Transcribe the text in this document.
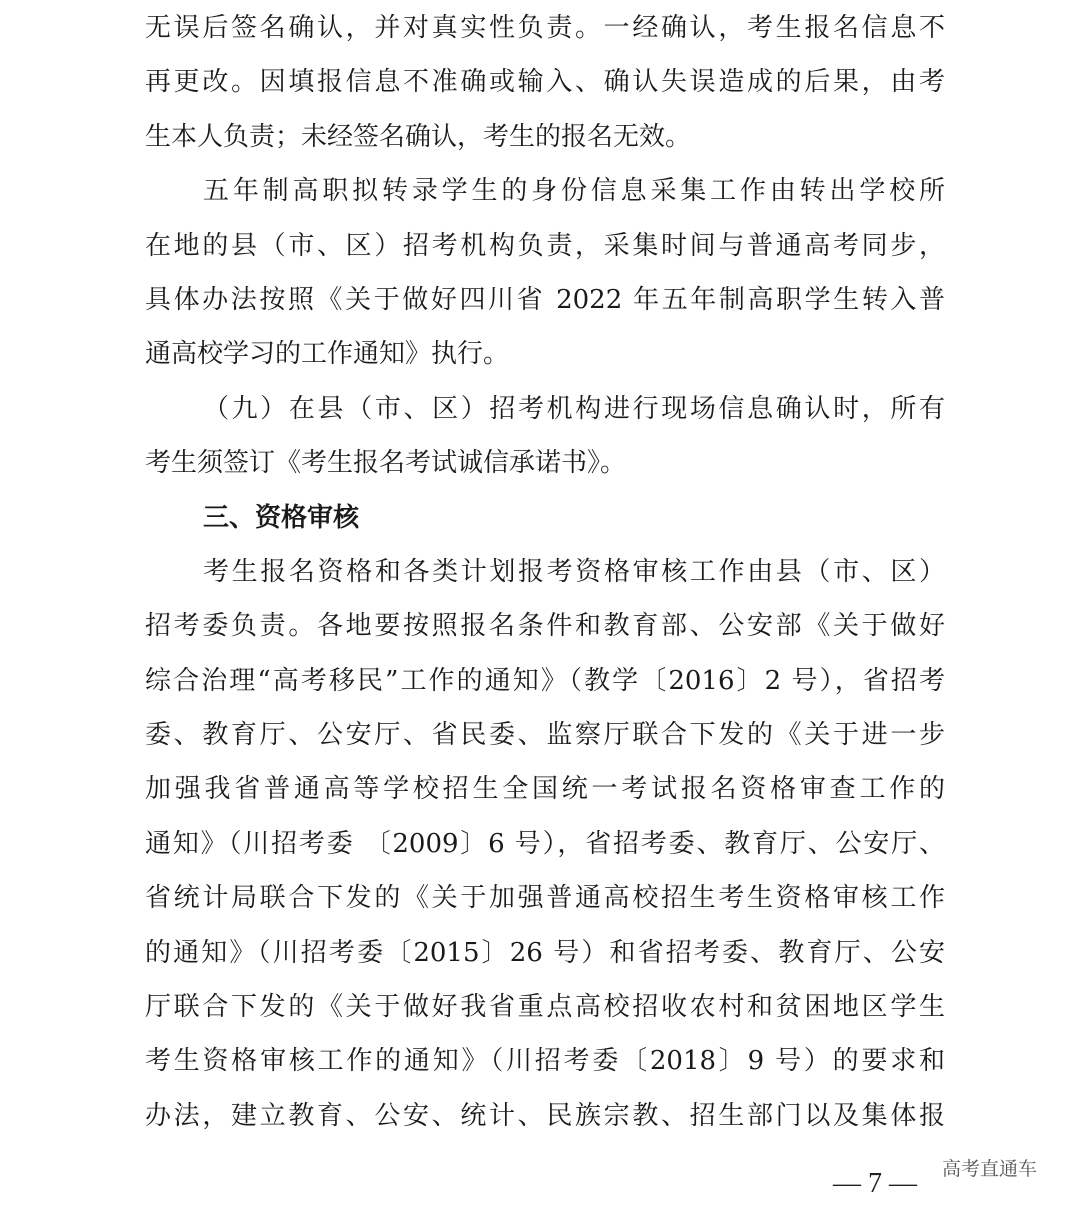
无误后签名确认，并对真实性负责。一经确认，考生报名信息不
再更改。因填报信息不准确或输入、确认失误造成的后果，由考
生本人负责；未经签名确认，考生的报名无效。
五年制高职拟转录学生的身份信息采集工作由转出学校所
在地的县（市、区）招考机构负责，采集时间与普通高考同步，
具体办法按照《关于做好四川省 2022 年五年制高职学生转入普
通高校学习的工作通知》执行。
（九）在县（市、区）招考机构进行现场信息确认时，所有
考生须签订《考生报名考试诚信承诺书》。
三、资格审核
考生报名资格和各类计划报考资格审核工作由县（市、区）
招考委负责。各地要按照报名条件和教育部、公安部《关于做好
综合治理“高考移民”工作的通知》（教学〔2016〕2 号），省招考
委、教育厅、公安厅、省民委、监察厅联合下发的《关于进一步
加强我省普通高等学校招生全国统一考试报名资格审查工作的
通知》（川招考委 〔2009〕6 号），省招考委、教育厅、公安厅、
省统计局联合下发的《关于加强普通高校招生考生资格审核工作
的通知》（川招考委〔2015〕26 号）和省招考委、教育厅、公安
厅联合下发的《关于做好我省重点高校招收农村和贫困地区学生
考生资格审核工作的通知》（川招考委〔2018〕9 号）的要求和
办法，建立教育、公安、统计、民族宗教、招生部门以及集体报
— 7 —	高考直通车
